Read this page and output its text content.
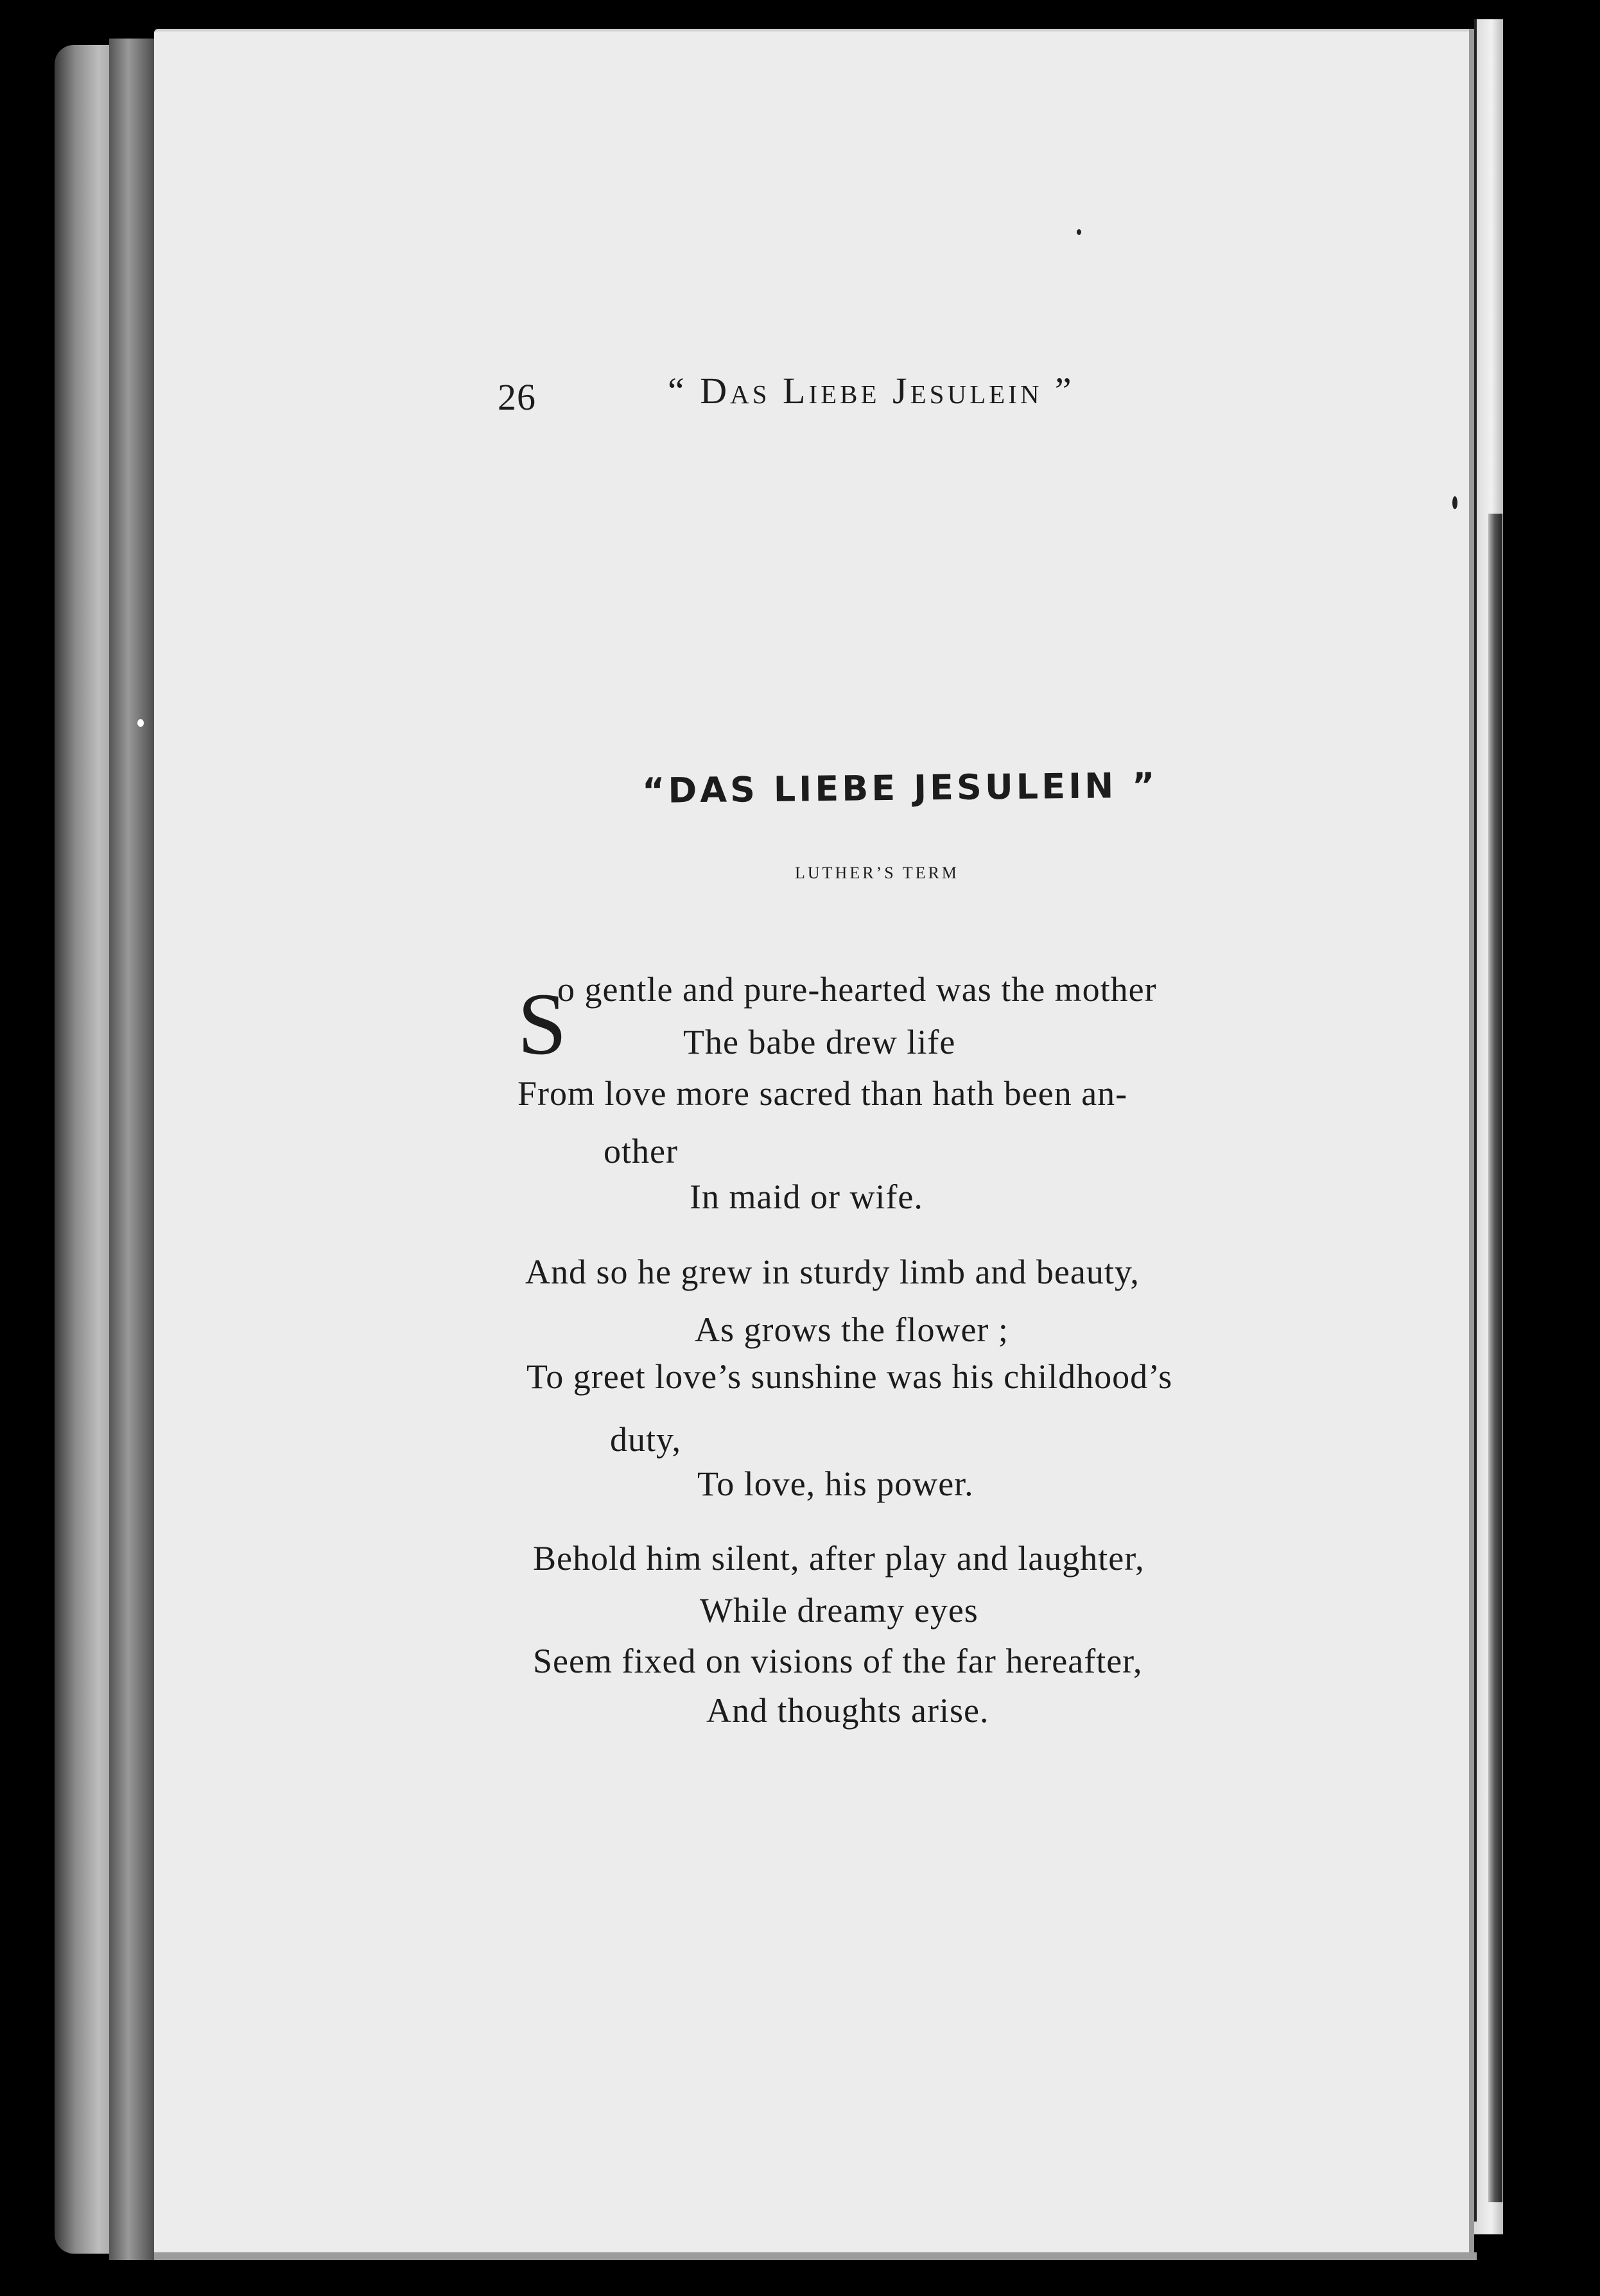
26	“ Das Liebe Jesulein ”
“DAS LIEBE JESULEIN ”
LUTHER’S TERM
S
o gentle and pure-hearted was the mother
The babe drew life
From love more sacred than hath been an-
other
In maid or wife.
And so he grew in sturdy limb and beauty,
As grows the flower ;
To greet love’s sunshine was his childhood’s
duty,
To love, his power.
Behold him silent, after play and laughter,
While dreamy eyes
Seem fixed on visions of the far hereafter,
And thoughts arise.
